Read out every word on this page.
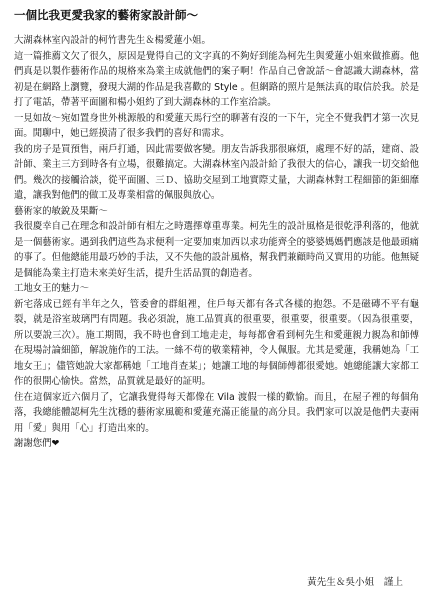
一個比我更愛我家的藝術家設計師～

大湖森林室內設計的柯竹書先生＆楊愛蓮小姐。

這一篇推薦文欠了很久，原因是覺得自己的文字真的不夠好到能為柯先生與愛蓮小姐來做推薦。他們真是以製作藝術作品的規格來為業主成就他們的案子啊！作品自己會說話～會認識大湖森林，當初是在網路上瀏覽，發現大湖的作品是我喜歡的 Style 。但網路的照片是無法真的取信於我。於是打了電話，帶著平面圖和楊小姐約了到大湖森林的工作室洽談。

一見如故～宛如置身世外桃源般的和愛蓮天馬行空的聊著有沒的一下午，完全不覺我們才第一次見面。閒聊中，她已經摸清了很多我們的喜好和需求。

我的房子是買預售，兩戶打通，因此需要做客變。朋友告訴我那很麻煩，處理不好的話，建商、設計師、業主三方到時各有立場，很難搞定。大湖森林室內設計給了我很大的信心，讓我一切交給他們。幾次的接觸洽談，從平面圖、三Ｄ、協助交屋到工地實際丈量，大湖森林對工程細節的鉅細靡遺，讓我對他們的做工及專業相當的佩服與放心。

藝術家的敏銳及果斷～

我很慶幸自己在理念和設計師有相左之時選擇尊重專業。柯先生的設計風格是很乾淨利落的，他就是一個藝術家。遇到我們這些為求便利一定要加東加西以求功能齊全的婆婆媽媽們應該是他最頭痛的事了。但他總能用最巧妙的手法，又不失他的設計風格，幫我們兼顧時尚又實用的功能。他無疑是個能為業主打造未來美好生活，提升生活品質的創造者。

工地女王的魅力～

新宅落成已經有半年之久，管委會的群組裡，住戶每天都有各式各樣的抱怨。不是磁磚不平有龜裂，就是浴室玻璃門有問題。我必須說，施工品質真的很重要，很重要，很重要。（因為很重要，所以要說三次）。施工期間，我不時也會到工地走走，每每都會看到柯先生和愛蓮親力親為和師傅在現場討論細節，解說施作的工法。一絲不苟的敬業精神，令人佩服。尤其是愛蓮，我稱她為「工地女王」；儘管她說大家都稱她「工地肖查某」；她讓工地的每個師傅都很愛她。她總能讓大家都工作的很開心愉快。當然，品質就是最好的証明。

住在這個家近六個月了，它讓我覺得每天都像在 Vila 渡假一樣的歡愉。而且，在屋子裡的每個角落，我總能體認柯先生沈穩的藝術家風範和愛蓮充滿正能量的高分貝。我們家可以說是他們夫妻兩用「愛」與用「心」打造出來的。

謝謝您們❤

黃先生＆吳小姐　謹上
